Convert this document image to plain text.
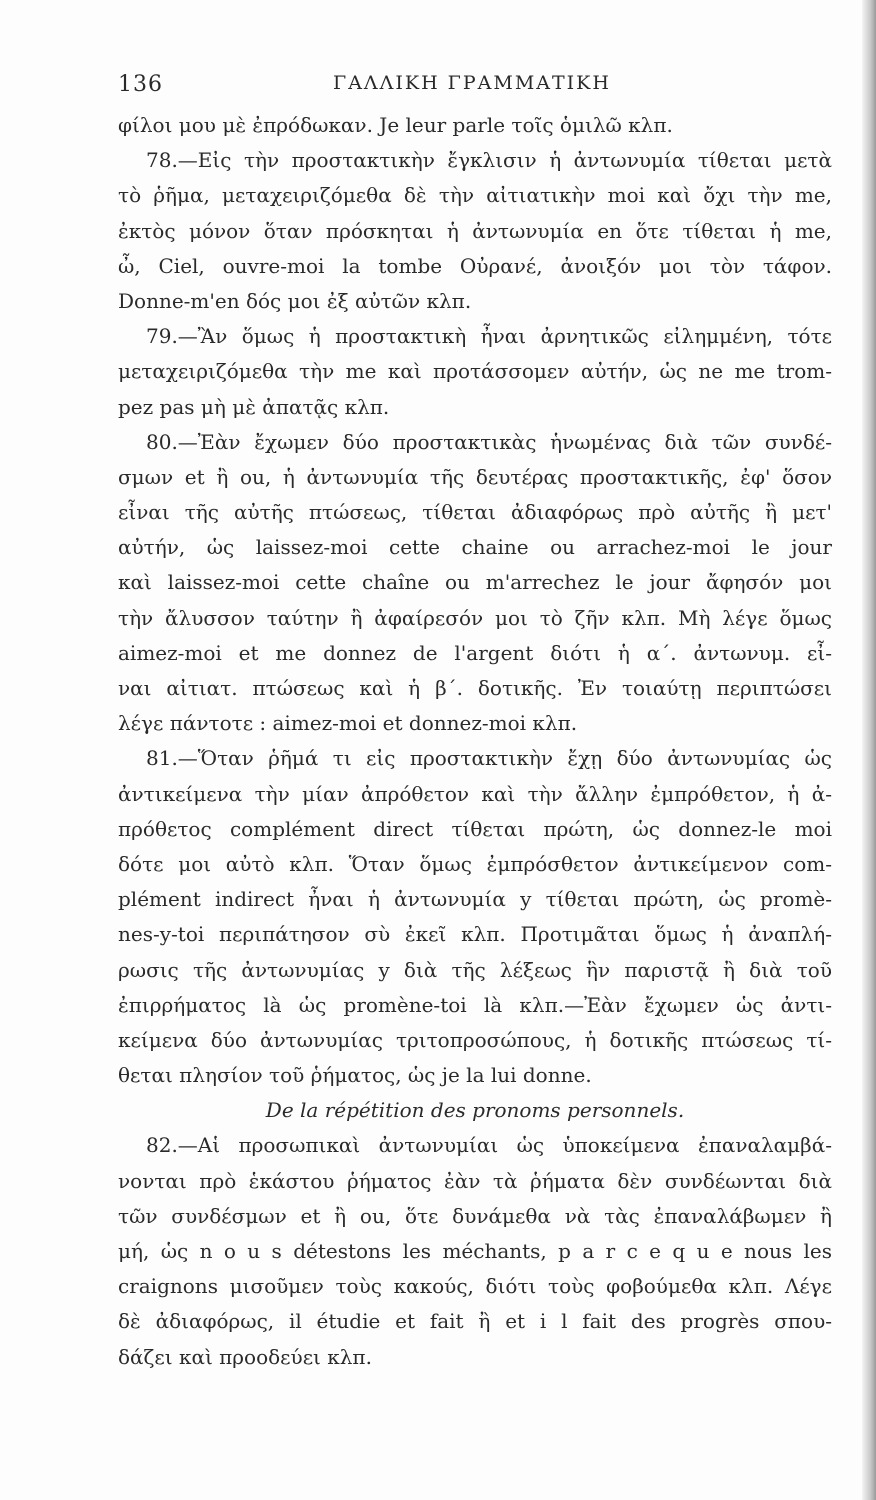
136	ΓΑΛΛΙΚΗ ΓΡΑΜΜΑΤΙΚΗ
φίλοι μου μὲ ἐπρόδωκαν. Je leur parle τοῖς ὁμιλῶ κλπ.
78.—Εἰς τὴν προστακτικὴν ἔγκλισιν ἡ ἀντωνυμία τίθεται μετὰ
τὸ ῥῆμα, μεταχειριζόμεθα δὲ τὴν αἰτιατικὴν moi καὶ ὄχι τὴν me,
ἐκτὸς μόνον ὅταν πρόσκηται ἡ ἀντωνυμία en ὅτε τίθεται ἡ me,
ὦ, Ciel, ouvre-moi la tombe Οὐρανέ, ἀνοιξόν μοι τὸν τάφον.
Donne-m'en δός μοι ἐξ αὐτῶν κλπ.
79.—Ἂν ὅμως ἡ προστακτικὴ ἦναι ἀρνητικῶς εἰλημμένη, τότε
μεταχειριζόμεθα τὴν me καὶ προτάσσομεν αὐτήν, ὡς ne me trom-
pez pas μὴ μὲ ἀπατᾷς κλπ.
80.—Ἐὰν ἔχωμεν δύο προστακτικὰς ἡνωμένας διὰ τῶν συνδέ-
σμων et ἢ ou, ἡ ἀντωνυμία τῆς δευτέρας προστακτικῆς, ἐφ' ὅσον
εἶναι τῆς αὐτῆς πτώσεως, τίθεται ἀδιαφόρως πρὸ αὐτῆς ἢ μετ'
αὐτήν, ὡς laissez-moi cette chaine ou arrachez-moi le jour
καὶ laissez-moi cette chaîne ou m'arrechez le jour ἄφησόν μοι
τὴν ἄλυσσον ταύτην ἢ ἀφαίρεσόν μοι τὸ ζῆν κλπ. Μὴ λέγε ὅμως
aimez-moi et me donnez de l'argent διότι ἡ α΄. ἀντωνυμ. εἶ-
ναι αἰτιατ. πτώσεως καὶ ἡ β΄. δοτικῆς. Ἐν τοιαύτῃ περιπτώσει
λέγε πάντοτε : aimez-moi et donnez-moi κλπ.
81.—Ὅταν ῥῆμά τι εἰς προστακτικὴν ἔχῃ δύο ἀντωνυμίας ὡς
ἀντικείμενα τὴν μίαν ἀπρόθετον καὶ τὴν ἄλλην ἐμπρόθετον, ἡ ἀ-
πρόθετος complément direct τίθεται πρώτη, ὡς donnez-le moi
δότε μοι αὐτὸ κλπ. Ὅταν ὅμως ἐμπρόσθετον ἀντικείμενον com-
plément indirect ἦναι ἡ ἀντωνυμία y τίθεται πρώτη, ὡς promè-
nes-y-toi περιπάτησον σὺ ἐκεῖ κλπ. Προτιμᾶται ὅμως ἡ ἀναπλή-
ρωσις τῆς ἀντωνυμίας y διὰ τῆς λέξεως ἣν παριστᾷ ἢ διὰ τοῦ
ἐπιρρήματος là ὡς promène-toi là κλπ.—Ἐὰν ἔχωμεν ὡς ἀντι-
κείμενα δύο ἀντωνυμίας τριτοπροσώπους, ἡ δοτικῆς πτώσεως τί-
θεται πλησίον τοῦ ῥήματος, ὡς je la lui donne.
De la répétition des pronoms personnels.
82.—Αἱ προσωπικαὶ ἀντωνυμίαι ὡς ὑποκείμενα ἐπαναλαμβά-
νονται πρὸ ἑκάστου ῥήματος ἐὰν τὰ ῥήματα δὲν συνδέωνται διὰ
τῶν συνδέσμων et ἢ ou, ὅτε δυνάμεθα νὰ τὰς ἐπαναλάβωμεν ἢ
μή, ὡς n o u s détestons les méchants, p a r c e q u e nous les
craignons μισοῦμεν τοὺς κακούς, διότι τοὺς φοβούμεθα κλπ. Λέγε
δὲ ἀδιαφόρως, il étudie et fait ἢ et i l fait des progrès σπου-
δάζει καὶ προοδεύει κλπ.
